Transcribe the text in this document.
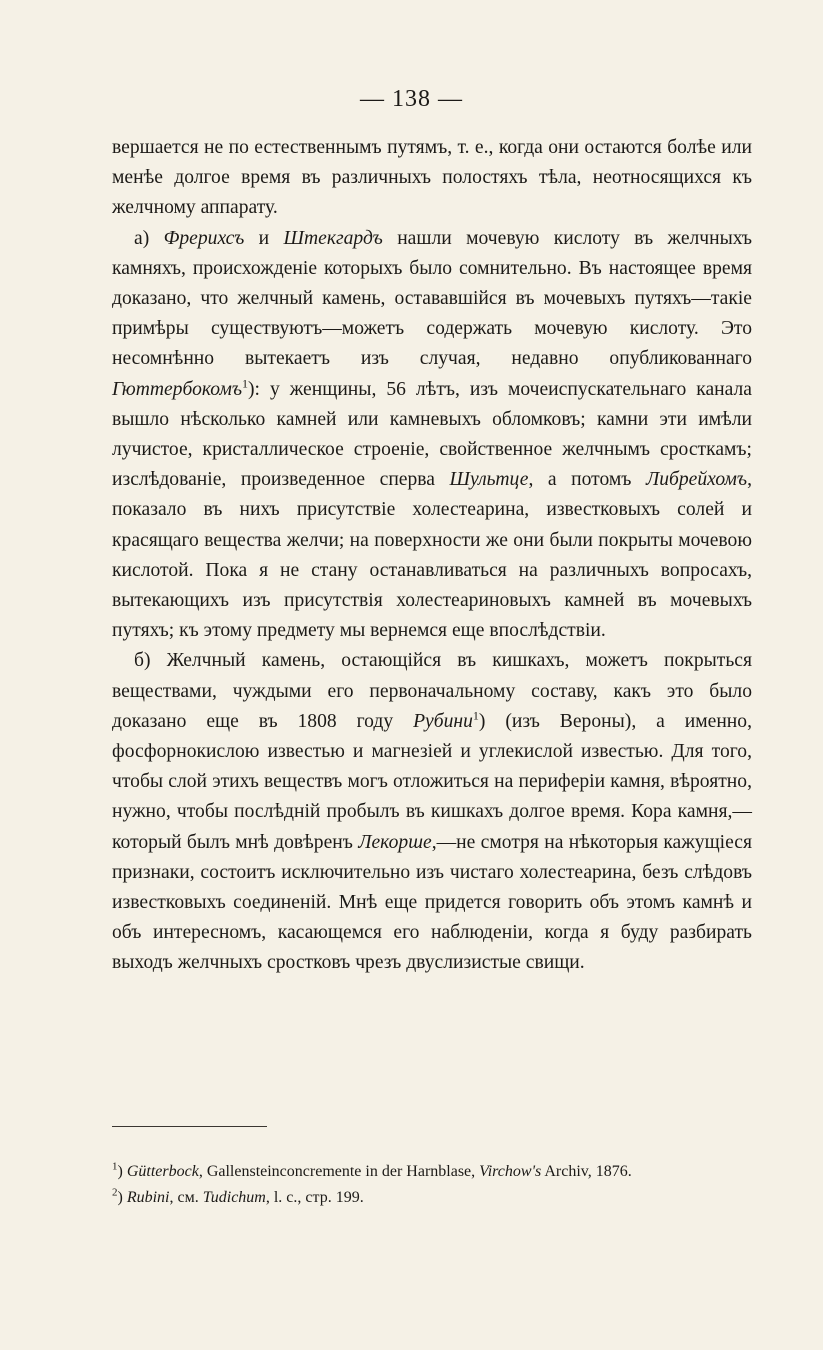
— 138 —

вершается не по естественнымъ путямъ, т. е., когда они остаются болѣе или менѣе долгое время въ различныхъ полостяхъ тѣла, неотносящихся къ желчному аппарату.

а) Фрерихсъ и Штекгардъ нашли мочевую кислоту въ желчныхъ камняхъ, происхожденіе которыхъ было сомнительно. Въ настоящее время доказано, что желчный камень, остававшійся въ мочевыхъ путяхъ—такіе примѣры существуютъ—можетъ содержать мочевую кислоту. Это несомнѣнно вытекаетъ изъ случая, недавно опубликованнаго Гюттербокомъ$^1$): у женщины, 56 лѣтъ, изъ мочеиспускательнаго канала вышло нѣсколько камней или камневыхъ обломковъ; камни эти имѣли лучистое, кристаллическое строеніе, свойственное желчнымъ сросткамъ; изслѣдованіе, произведенное сперва Шультце, а потомъ Либрейхомъ, показало въ нихъ присутствіе холестеарина, известковыхъ солей и красящаго вещества желчи; на поверхности же они были покрыты мочевою кислотой. Пока я не стану останавливаться на различныхъ вопросахъ, вытекающихъ изъ присутствія холестеариновыхъ камней въ мочевыхъ путяхъ; къ этому предмету мы вернемся еще впослѣдствіи.

б) Желчный камень, остающійся въ кишкахъ, можетъ покрыться веществами, чуждыми его первоначальному составу, какъ это было доказано еще въ 1808 году Рубини$^1$) (изъ Вероны), а именно, фосфорнокислою известью и магнезіей и углекислой известью. Для того, чтобы слой этихъ веществъ могъ отложиться на периферіи камня, вѣроятно, нужно, чтобы послѣдній пробылъ въ кишкахъ долгое время. Кора камня,—который былъ мнѣ довѣренъ Лекорше,—не смотря на нѣкоторыя кажущіеся признаки, состоитъ исключительно изъ чистаго холестеарина, безъ слѣдовъ известковыхъ соединеній. Мнѣ еще придется говорить объ этомъ камнѣ и объ интересномъ, касающемся его наблюденіи, когда я буду разбирать выходъ желчныхъ сростковъ чрезъ двуслизистые свищи.

$^1$) Gütterbock, Gallensteinconcremente in der Harnblase, Virchow's Archiv, 1876.

$^2$) Rubini, см. Tudichum, l. c., стр. 199.
